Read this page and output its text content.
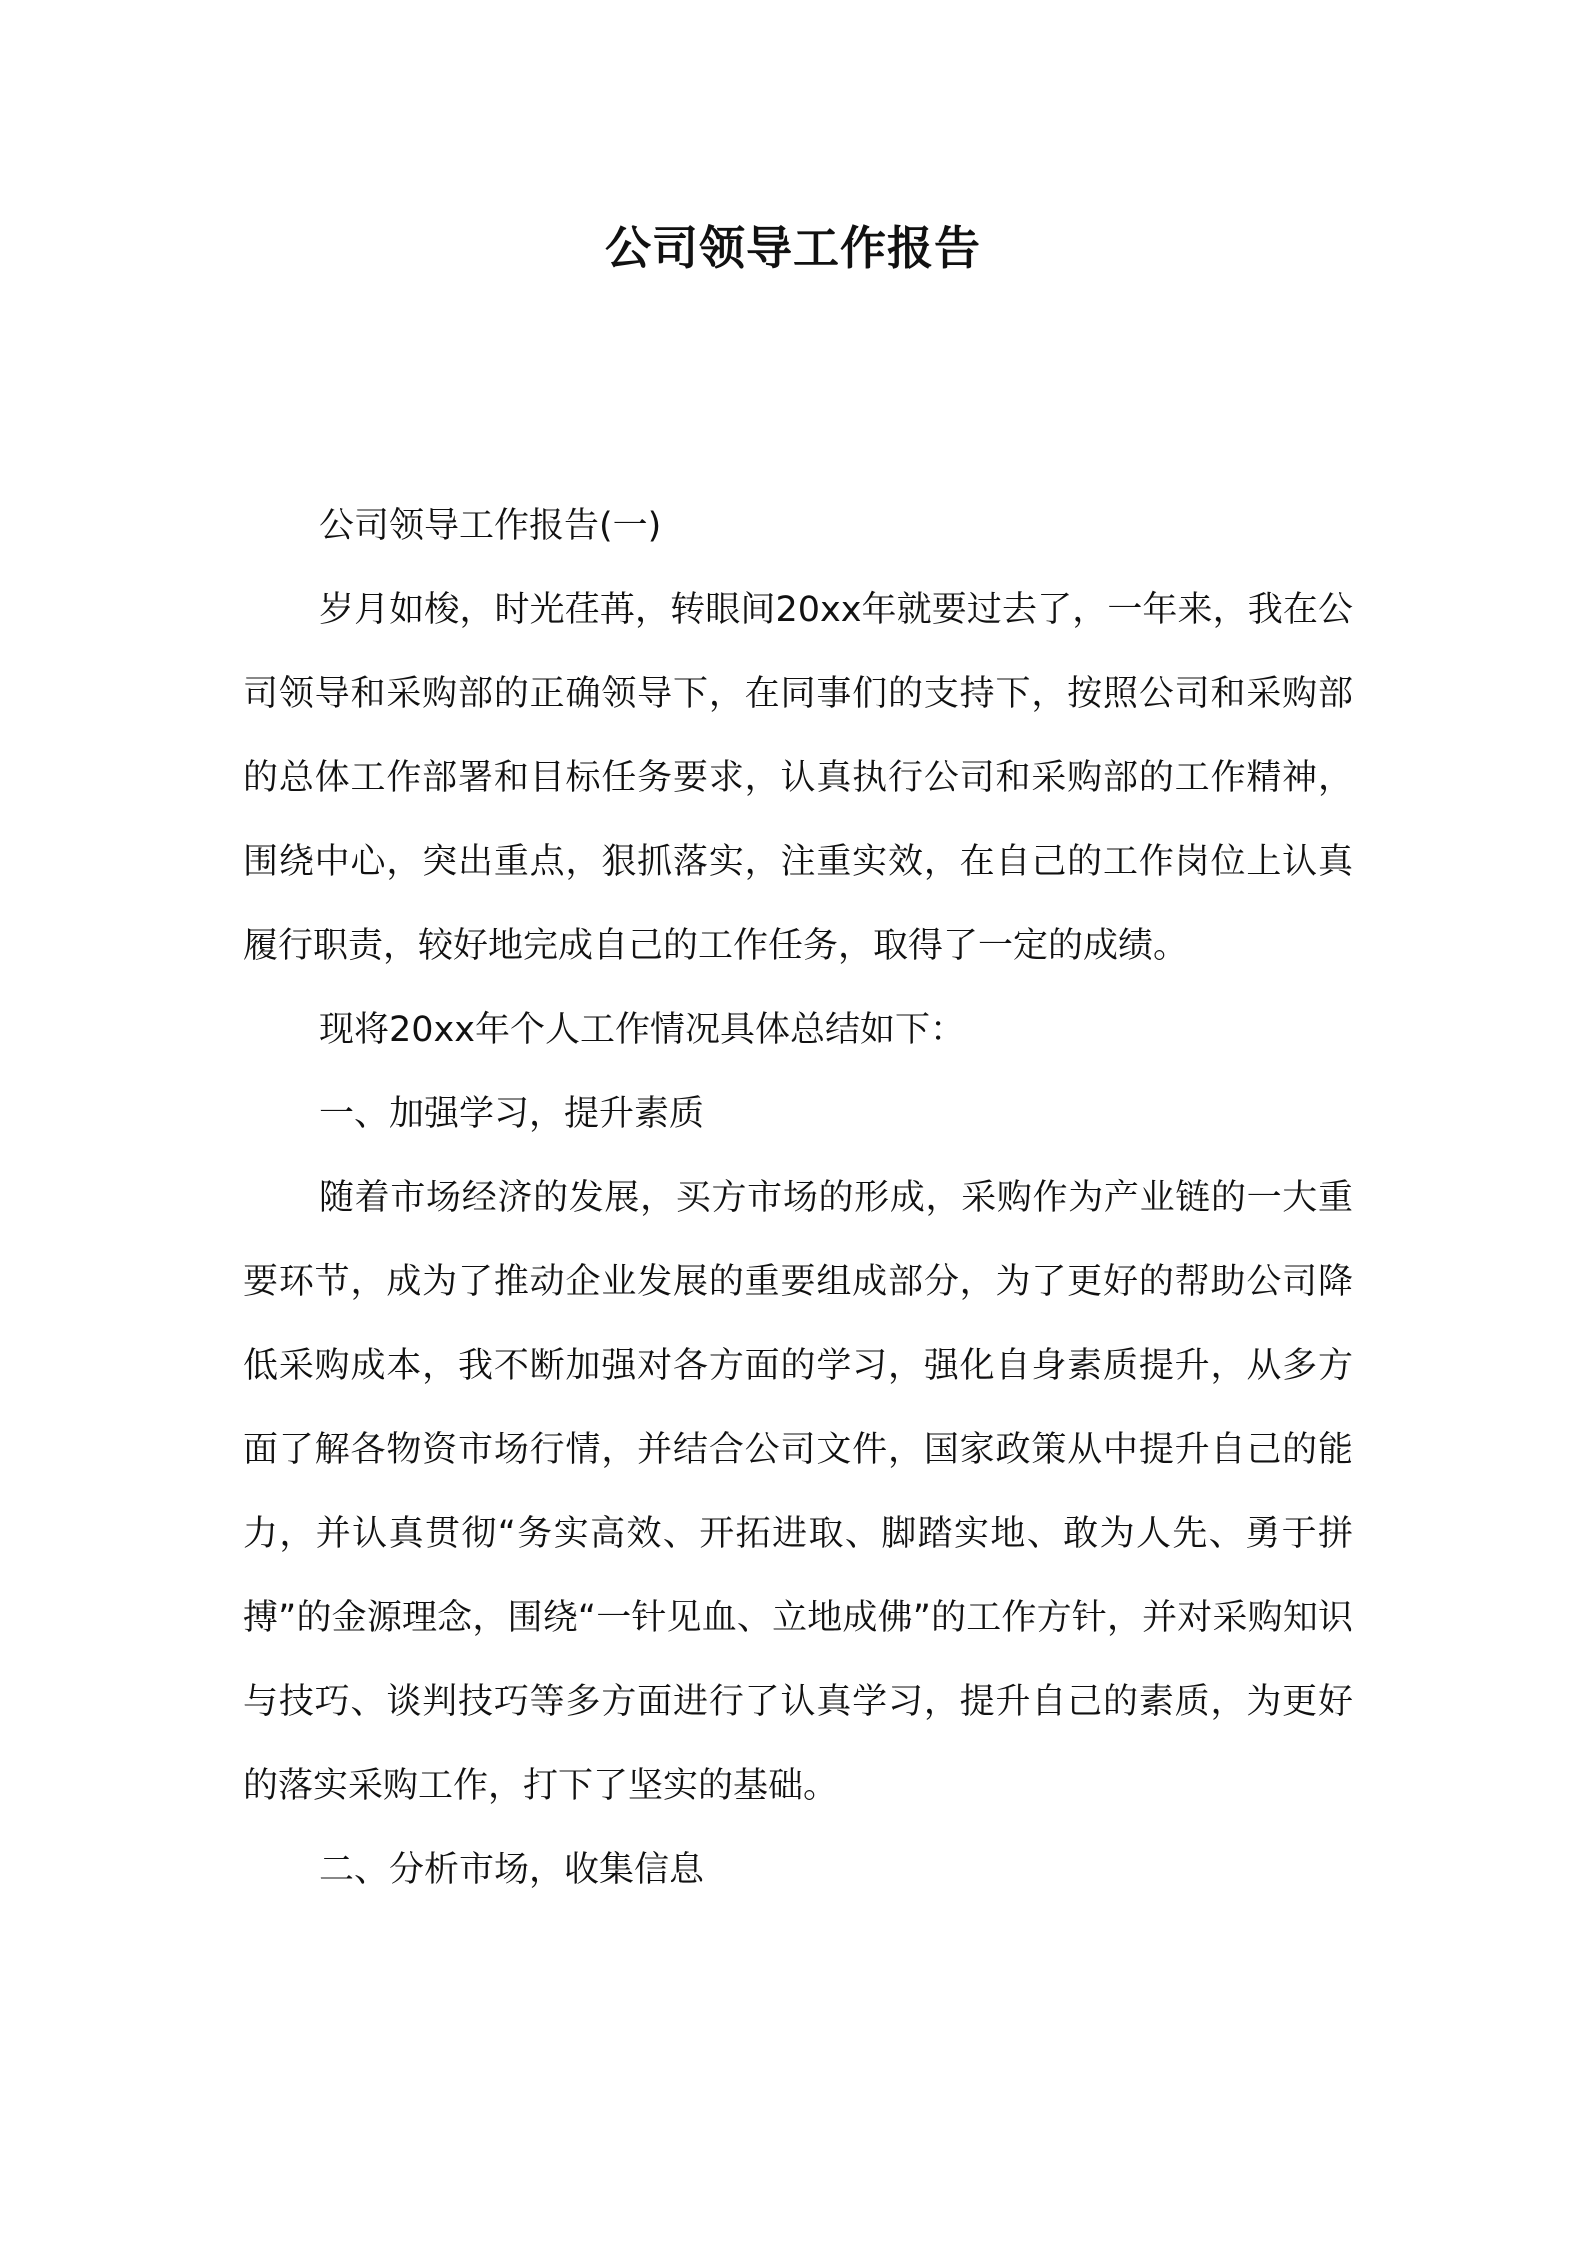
公司领导工作报告

公司领导工作报告(一)

岁月如梭，时光荏苒，转眼间20xx年就要过去了，一年来，我在公司领导和采购部的正确领导下，在同事们的支持下，按照公司和采购部的总体工作部署和目标任务要求，认真执行公司和采购部的工作精神，围绕中心，突出重点，狠抓落实，注重实效，在自己的工作岗位上认真履行职责，较好地完成自己的工作任务，取得了一定的成绩。

现将20xx年个人工作情况具体总结如下：

一、加强学习，提升素质

随着市场经济的发展，买方市场的形成，采购作为产业链的一大重要环节，成为了推动企业发展的重要组成部分，为了更好的帮助公司降低采购成本，我不断加强对各方面的学习，强化自身素质提升，从多方面了解各物资市场行情，并结合公司文件，国家政策从中提升自己的能力，并认真贯彻“务实高效、开拓进取、脚踏实地、敢为人先、勇于拼搏”的金源理念，围绕“一针见血、立地成佛”的工作方针，并对采购知识与技巧、谈判技巧等多方面进行了认真学习，提升自己的素质，为更好的落实采购工作，打下了坚实的基础。

二、分析市场，收集信息
